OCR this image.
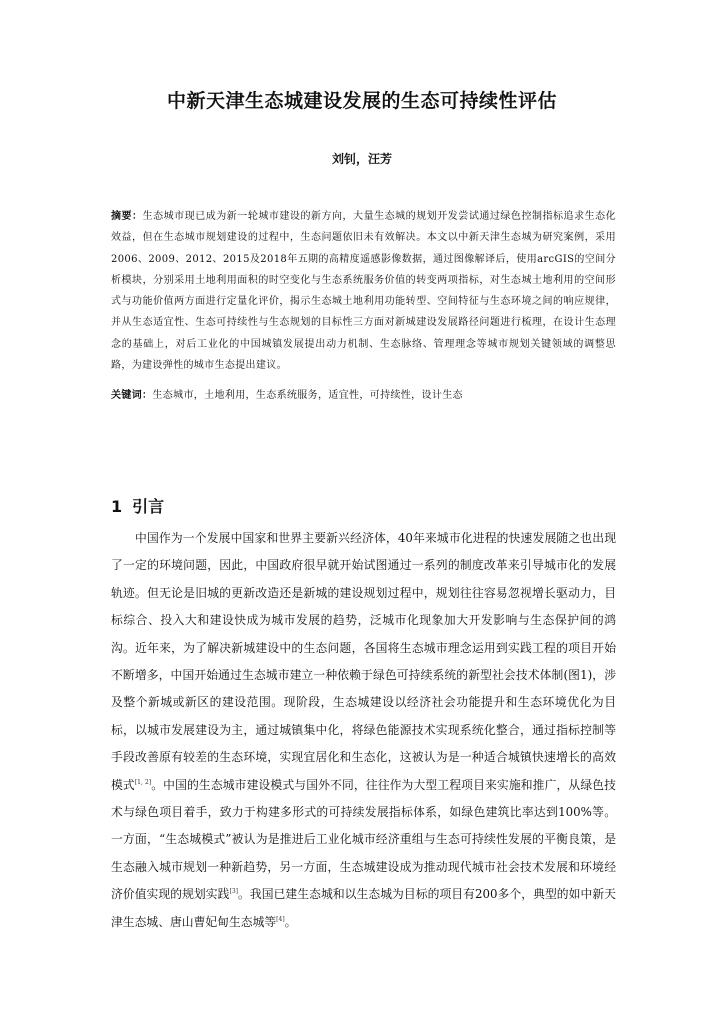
中新天津生态城建设发展的生态可持续性评估
刘钊，汪芳
摘要：生态城市现已成为新一轮城市建设的新方向，大量生态城的规划开发尝试通过绿色控制指标追求生态化效益，但在生态城市规划建设的过程中，生态问题依旧未有效解决。本文以中新天津生态城为研究案例，采用2006、2009、2012、2015及2018年五期的高精度遥感影像数据，通过图像解译后，使用arcGIS的空间分析模块，分别采用土地利用面积的时空变化与生态系统服务价值的转变两项指标，对生态城土地利用的空间形式与功能价值两方面进行定量化评价，揭示生态城土地利用功能转型、空间特征与生态环境之间的响应规律，并从生态适宜性、生态可持续性与生态规划的目标性三方面对新城建设发展路径问题进行梳理，在设计生态理念的基础上，对后工业化的中国城镇发展提出动力机制、生态脉络、管理理念等城市规划关键领域的调整思路，为建设弹性的城市生态提出建议。
关键词：生态城市，土地利用，生态系统服务，适宜性，可持续性，设计生态
1 引言
中国作为一个发展中国家和世界主要新兴经济体，40年来城市化进程的快速发展随之也出现了一定的环境问题，因此，中国政府很早就开始试图通过一系列的制度改革来引导城市化的发展轨迹。但无论是旧城的更新改造还是新城的建设规划过程中，规划往往容易忽视增长驱动力，目标综合、投入大和建设快成为城市发展的趋势，泛城市化现象加大开发影响与生态保护间的鸿沟。近年来，为了解决新城建设中的生态问题，各国将生态城市理念运用到实践工程的项目开始不断增多，中国开始通过生态城市建立一种依赖于绿色可持续系统的新型社会技术体制(图1)，涉及整个新城或新区的建设范围。现阶段，生态城建设以经济社会功能提升和生态环境优化为目标，以城市发展建设为主，通过城镇集中化，将绿色能源技术实现系统化整合，通过指标控制等手段改善原有较差的生态环境，实现宜居化和生态化，这被认为是一种适合城镇快速增长的高效模式[1, 2]。中国的生态城市建设模式与国外不同，往往作为大型工程项目来实施和推广，从绿色技术与绿色项目着手，致力于构建多形式的可持续发展指标体系，如绿色建筑比率达到100%等。一方面，“生态城模式”被认为是推进后工业化城市经济重组与生态可持续性发展的平衡良策，是生态融入城市规划一种新趋势，另一方面，生态城建设成为推动现代城市社会技术发展和环境经济价值实现的规划实践[3]。我国已建生态城和以生态城为目标的项目有200多个，典型的如中新天津生态城、唐山曹妃甸生态城等[4]。
